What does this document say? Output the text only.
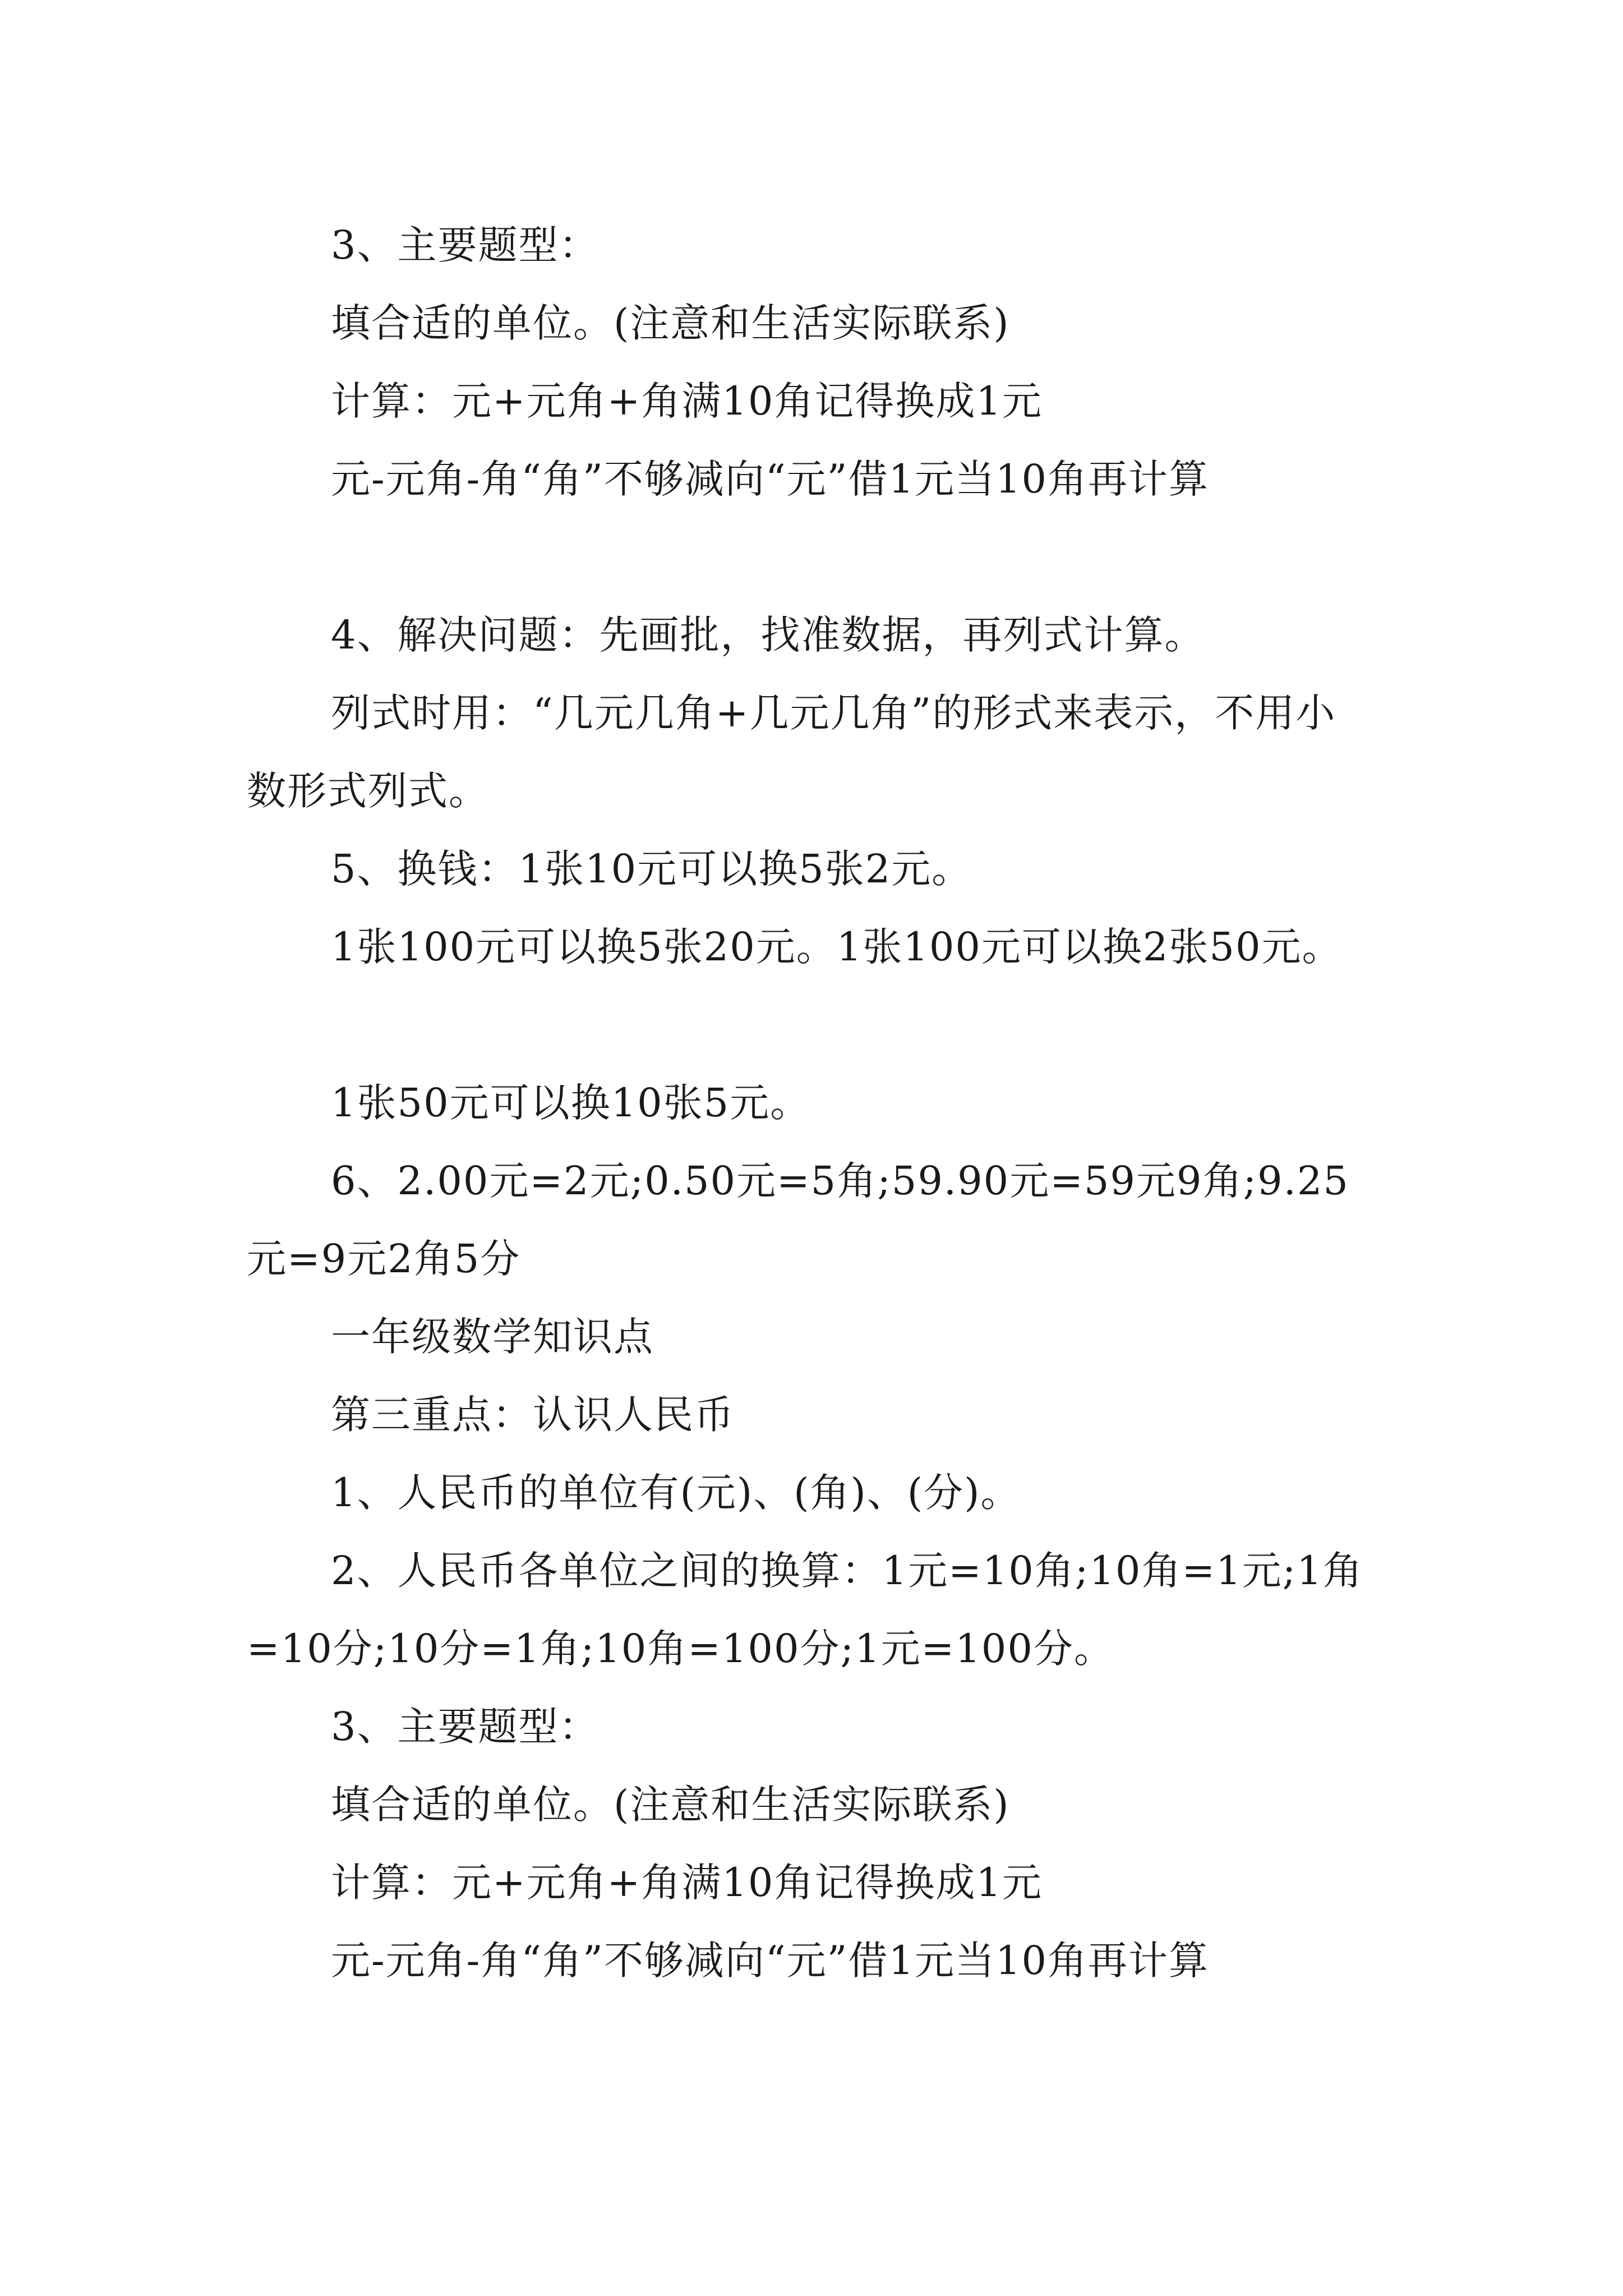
3、主要题型：

填合适的单位。(注意和生活实际联系)

计算：元+元角+角满10角记得换成1元

元-元角-角“角”不够减向“元”借1元当10角再计算

4、解决问题：先画批，找准数据，再列式计算。

列式时用：“几元几角+几元几角”的形式来表示，不用小数形式列式。

5、换钱：1张10元可以换5张2元。

1张100元可以换5张20元。1张100元可以换2张50元。

1张50元可以换10张5元。

6、2.00元=2元;0.50元=5角;59.90元=59元9角;9.25元=9元2角5分

一年级数学知识点

第三重点：认识人民币

1、人民币的单位有(元)、(角)、(分)。

2、人民币各单位之间的换算：1元=10角;10角=1元;1角=10分;10分=1角;10角=100分;1元=100分。

3、主要题型：

填合适的单位。(注意和生活实际联系)

计算：元+元角+角满10角记得换成1元

元-元角-角“角”不够减向“元”借1元当10角再计算
